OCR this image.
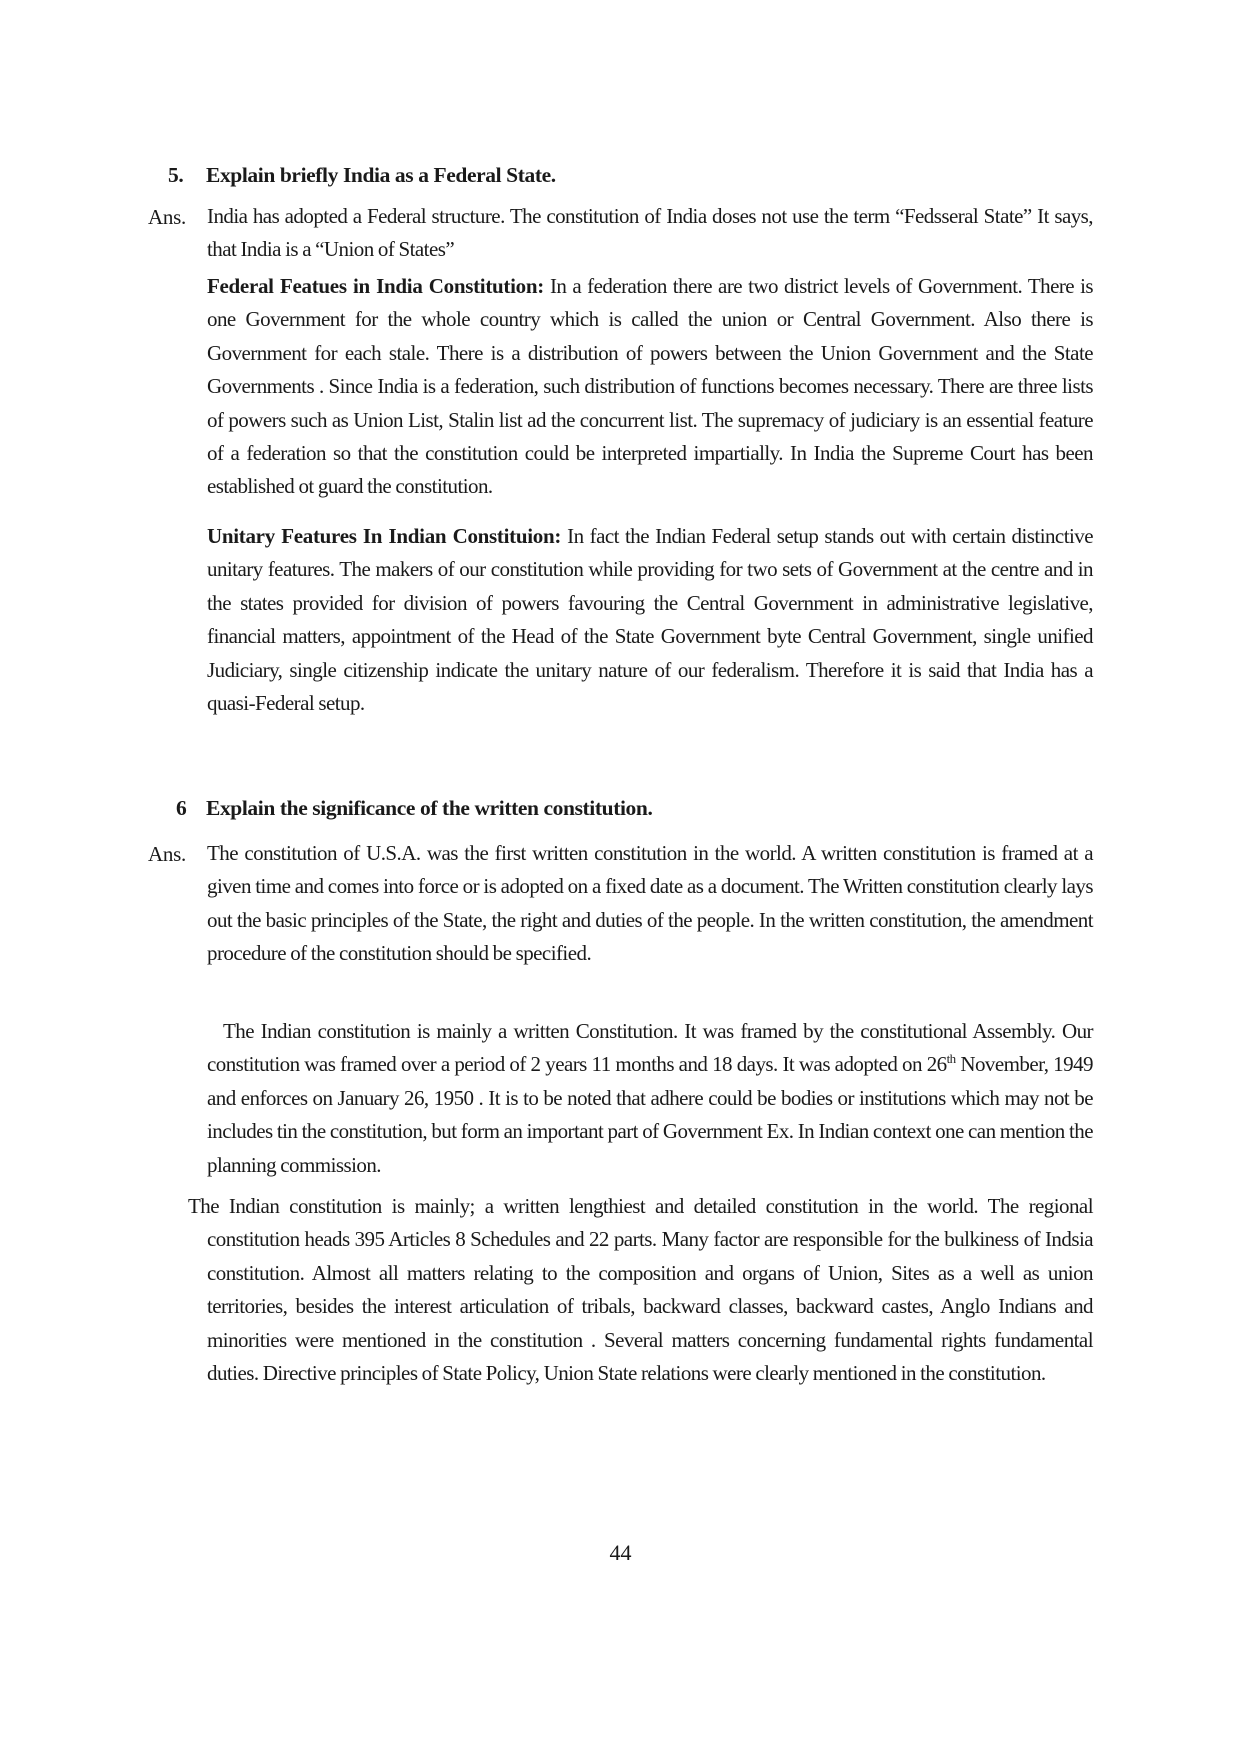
5. Explain briefly India as a Federal State.
Ans. India has adopted a Federal structure. The constitution of India doses not use the term “Fedsseral State” It says, that India is a “Union of States”

Federal Featues in India Constitution: In a federation there are two district levels of Government. There is one Government for the whole country which is called the union or Central Government. Also there is Government for each stale. There is a distribution of powers between the Union Government and the State Governments . Since India is a federation, such distribution of functions becomes necessary. There are three lists of powers such as Union List, Stalin list ad the concurrent list. The supremacy of judiciary is an essential feature of a federation so that the constitution could be interpreted impartially. In India the Supreme Court has been established ot guard the constitution.

Unitary Features In Indian Constituion: In fact the Indian Federal setup stands out with certain distinctive unitary features. The makers of our constitution while providing for two sets of Government at the centre and in the states provided for division of powers favouring the Central Government in administrative legislative, financial matters, appointment of the Head of the State Government byte Central Government, single unified Judiciary, single citizenship indicate the unitary nature of our federalism. Therefore it is said that India has a quasi-Federal setup.

6 Explain the significance of the written constitution.
Ans. The constitution of U.S.A. was the first written constitution in the world. A written constitution is framed at a given time and comes into force or is adopted on a fixed date as a document. The Written constitution clearly lays out the basic principles of the State, the right and duties of the people. In the written constitution, the amendment procedure of the constitution should be specified.

The Indian constitution is mainly a written Constitution. It was framed by the constitutional Assembly. Our constitution was framed over a period of 2 years 11 months and 18 days. It was adopted on 26th November, 1949 and enforces on January 26, 1950 . It is to be noted that adhere could be bodies or institutions which may not be includes tin the constitution, but form an important part of Government Ex. In Indian context one can mention the planning commission.

The Indian constitution is mainly; a written lengthiest and detailed constitution in the world. The regional constitution heads 395 Articles 8 Schedules and 22 parts. Many factor are responsible for the bulkiness of Indsia constitution. Almost all matters relating to the composition and organs of Union, Sites as a well as union territories, besides the interest articulation of tribals, backward classes, backward castes, Anglo Indians and minorities were mentioned in the constitution . Several matters concerning fundamental rights fundamental duties. Directive principles of State Policy, Union State relations were clearly mentioned in the constitution.

44
